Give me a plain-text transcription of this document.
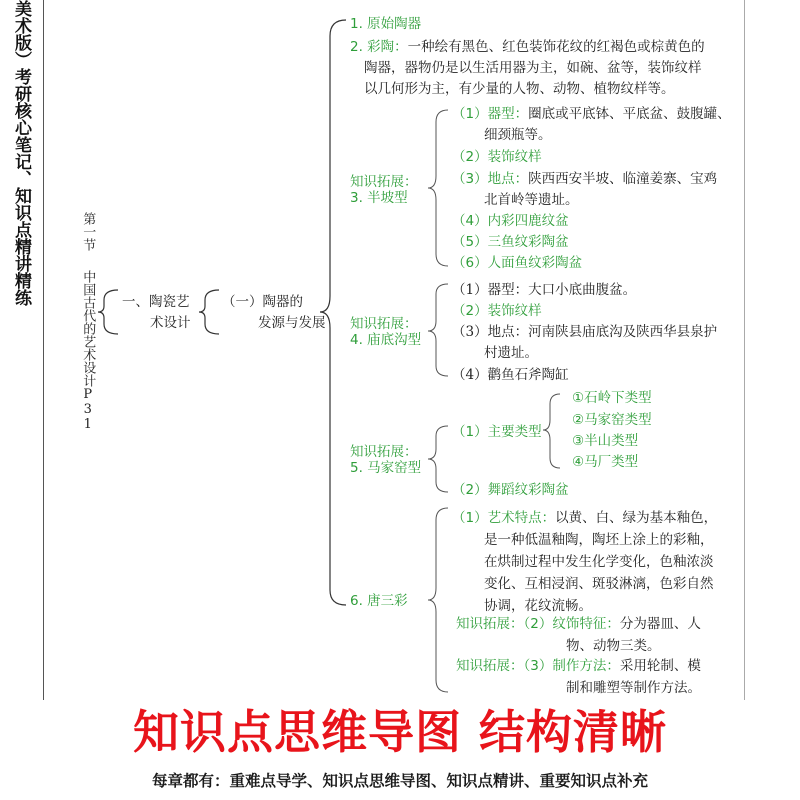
美术版）考研核心笔记、知识点精讲精练	第一节
中国古代的艺术设计P31 一、陶瓷艺
术设计
（一）陶器的
发源与发展
1. 原始陶器
2. 彩陶：一种绘有黑色、红色装饰花纹的红褐色或棕黄色的
陶器，器物仍是以生活用器为主，如碗、盆等，装饰纹样
以几何形为主，有少量的人物、动物、植物纹样等。
知识拓展：
3. 半坡型
（1）器型：圈底或平底钵、平底盆、鼓腹罐、
细颈瓶等。
（2）装饰纹样
（3）地点：陕西西安半坡、临潼姜寨、宝鸡
北首岭等遗址。
（4）内彩四鹿纹盆
（5）三鱼纹彩陶盆
（6）人面鱼纹彩陶盆
知识拓展：
4. 庙底沟型
（1）器型：大口小底曲腹盆。
（2）装饰纹样
（3）地点：河南陕县庙底沟及陕西华县泉护
村遗址。
（4）鹳鱼石斧陶缸
知识拓展：
5. 马家窑型
（1）主要类型
①石岭下类型
②马家窑类型
③半山类型
④马厂类型
（2）舞蹈纹彩陶盆
6. 唐三彩
（1）艺术特点：以黄、白、绿为基本釉色，
是一种低温釉陶，陶坯上涂上的彩釉，
在烘制过程中发生化学变化，色釉浓淡
变化、互相浸润、斑驳淋漓，色彩自然
协调，花纹流畅。
知识拓展：（2）纹饰特征：分为器皿、人
物、动物三类。
知识拓展：（3）制作方法：采用轮制、模
制和雕塑等制作方法。
知识点思维导图 结构清晰
每章都有：重难点导学、知识点思维导图、知识点精讲、重要知识点补充
